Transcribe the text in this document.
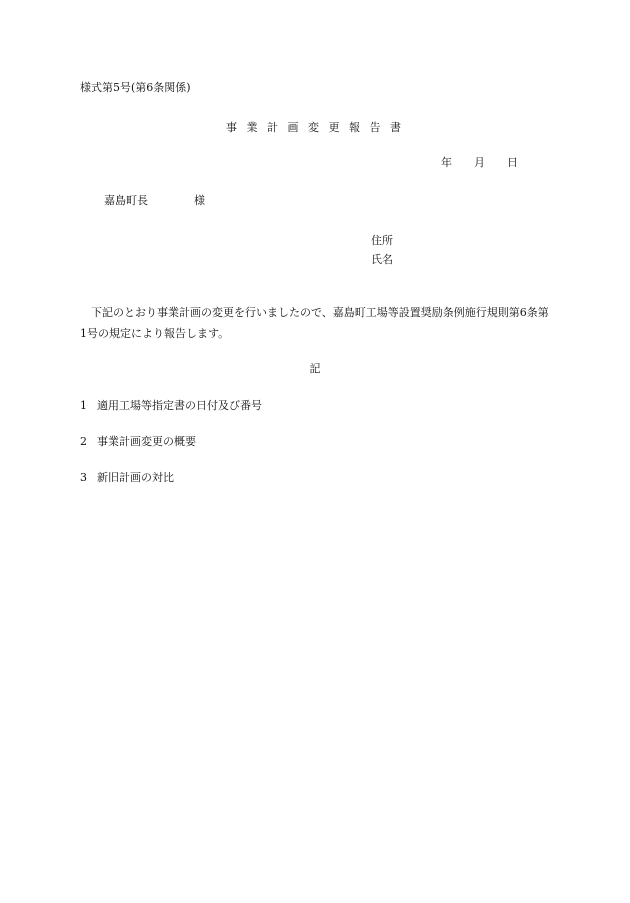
様式第5号(第6条関係)
事 業 計 画 変 更 報 告 書
年 月 日
嘉島町長	様
住所
氏名
下記のとおり事業計画の変更を行いましたので、嘉島町工場等設置奨励条例施行規則第6条第1号の規定により報告します。
記
1 適用工場等指定書の日付及び番号
2 事業計画変更の概要
3 新旧計画の対比
